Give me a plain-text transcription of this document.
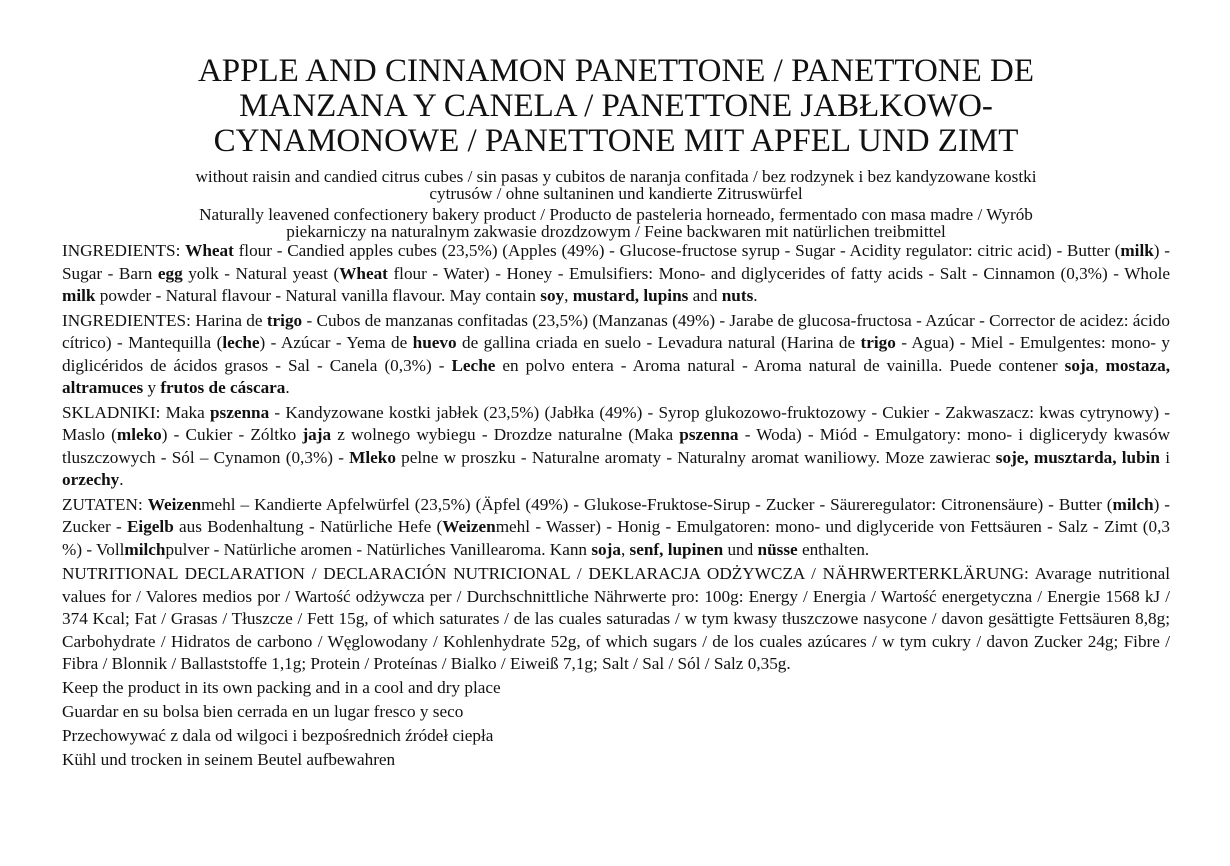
APPLE AND CINNAMON PANETTONE / PANETTONE DE
MANZANA Y CANELA / PANETTONE JABŁKOWO-
CYNAMONOWE / PANETTONE MIT APFEL UND ZIMT
without raisin and candied citrus cubes / sin pasas y cubitos de naranja confitada / bez rodzynek i bez kandyzowane kostki
cytrusów / ohne sultaninen und kandierte Zitruswürfel
Naturally leavened confectionery bakery product / Producto de pasteleria horneado, fermentado con masa madre / Wyrób
piekarniczy na naturalnym zakwasie drozdzowym / Feine backwaren mit natürlichen treibmittel
INGREDIENTS: Wheat flour - Candied apples cubes (23,5%) (Apples (49%) - Glucose-fructose syrup - Sugar - Acidity regulator: citric acid) - Butter (milk) - Sugar - Barn egg yolk - Natural yeast (Wheat flour - Water) - Honey - Emulsifiers: Mono- and diglycerides of fatty acids - Salt - Cinnamon (0,3%) - Whole milk powder - Natural flavour - Natural vanilla flavour. May contain soy, mustard, lupins and nuts.
INGREDIENTES: Harina de trigo - Cubos de manzanas confitadas (23,5%) (Manzanas (49%) - Jarabe de glucosa-fructosa - Azúcar - Corrector de acidez: ácido cítrico) - Mantequilla (leche) - Azúcar - Yema de huevo de gallina criada en suelo - Levadura natural (Harina de trigo - Agua) - Miel - Emulgentes: mono- y diglicéridos de ácidos grasos - Sal - Canela (0,3%) - Leche en polvo entera - Aroma natural - Aroma natural de vainilla. Puede contener soja, mostaza, altramuces y frutos de cáscara.
SKLADNIKI: Maka pszenna - Kandyzowane kostki jabłek (23,5%) (Jabłka (49%) - Syrop glukozowo-fruktozowy - Cukier - Zakwaszacz: kwas cytrynowy) - Maslo (mleko) - Cukier - Zóltko jaja z wolnego wybiegu - Drozdze naturalne (Maka pszenna - Woda) - Miód - Emulgatory: mono- i diglicerydy kwasów tluszczowych - Sól – Cynamon (0,3%) - Mleko pelne w proszku - Naturalne aromaty - Naturalny aromat waniliowy. Moze zawierac soje, musztarda, lubin i orzechy.
ZUTATEN: Weizenmehl – Kandierte Apfelwürfel (23,5%) (Äpfel (49%) - Glukose-Fruktose-Sirup - Zucker - Säureregulator: Citronensäure) - Butter (milch) - Zucker - Eigelb aus Bodenhaltung - Natürliche Hefe (Weizenmehl - Wasser) - Honig - Emulgatoren: mono- und diglyceride von Fettsäuren - Salz - Zimt (0,3 %) - Vollmilchpulver - Natürliche aromen - Natürliches Vanillearoma. Kann soja, senf, lupinen und nüsse enthalten.
NUTRITIONAL DECLARATION / DECLARACIÓN NUTRICIONAL / DEKLARACJA ODŻYWCZA / NÄHRWERTERKLÄRUNG: Avarage nutritional values for / Valores medios por / Wartość odżywcza per / Durchschnittliche Nährwerte pro: 100g: Energy / Energia / Wartość energetyczna / Energie 1568 kJ / 374 Kcal; Fat / Grasas / Tłuszcze / Fett 15g, of which saturates / de las cuales saturadas / w tym kwasy tłuszczowe nasycone / davon gesättigte Fettsäuren 8,8g; Carbohydrate / Hidratos de carbono / Węglowodany / Kohlenhydrate 52g, of which sugars / de los cuales azúcares / w tym cukry / davon Zucker 24g; Fibre / Fibra / Blonnik / Ballaststoffe 1,1g; Protein / Proteínas / Bialko / Eiweiß 7,1g; Salt / Sal / Sól / Salz 0,35g.
Keep the product in its own packing and in a cool and dry place
Guardar en su bolsa bien cerrada en un lugar fresco y seco
Przechowywać z dala od wilgoci i bezpośrednich źródeł ciepła
Kühl und trocken in seinem Beutel aufbewahren
